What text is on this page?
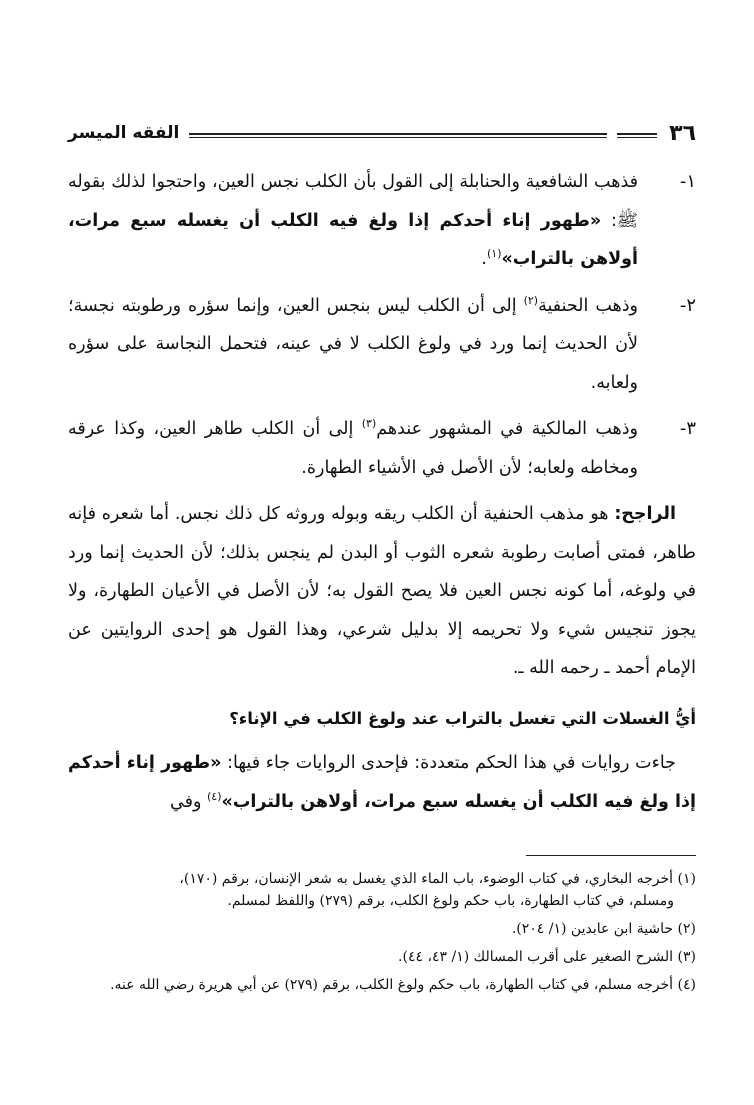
٣٦
الفقه الميسر
١-
فذهب الشافعية والحنابلة إلى القول بأن الكلب نجس العين، واحتجوا لذلك بقوله ﷺ: «طهور إناء أحدكم إذا ولغ فيه الكلب أن يغسله سبع مرات، أولاهن بالتراب»$^{(١)}$.
٢-
وذهب الحنفية$^{(٢)}$ إلى أن الكلب ليس بنجس العين، وإنما سؤره ورطوبته نجسة؛ لأن الحديث إنما ورد في ولوغ الكلب لا في عينه، فتحمل النجاسة على سؤره ولعابه.
٣-
وذهب المالكية في المشهور عندهم$^{(٣)}$ إلى أن الكلب طاهر العين، وكذا عرقه ومخاطه ولعابه؛ لأن الأصل في الأشياء الطهارة.
الراجح: هو مذهب الحنفية أن الكلب ريقه وبوله وروثه كل ذلك نجس. أما شعره فإنه طاهر، فمتى أصابت رطوبة شعره الثوب أو البدن لم ينجس بذلك؛ لأن الحديث إنما ورد في ولوغه، أما كونه نجس العين فلا يصح القول به؛ لأن الأصل في الأعيان الطهارة، ولا يجوز تنجيس شيء ولا تحريمه إلا بدليل شرعي، وهذا القول هو إحدى الروايتين عن الإمام أحمد ـ رحمه الله ـ.
أيُّ الغسلات التي تغسل بالتراب عند ولوغ الكلب في الإناء؟
جاءت روايات في هذا الحكم متعددة: فإحدى الروايات جاء فيها: «طهور إناء أحدكم إذا ولغ فيه الكلب أن يغسله سبع مرات، أولاهن بالتراب»$^{(٤)}$ وفي
(١) أخرجه البخاري، في كتاب الوضوء، باب الماء الذي يغسل به شعر الإنسان، برقم (١٧٠)،
ومسلم، في كتاب الطهارة، باب حكم ولوغ الكلب، برقم (٢٧٩) واللفظ لمسلم.
(٢) حاشية ابن عابدين (١/ ٢٠٤).
(٣) الشرح الصغير على أقرب المسالك (١/ ٤٣، ٤٤).
(٤) أخرجه مسلم، في كتاب الطهارة، باب حكم ولوغ الكلب، برقم (٢٧٩) عن أبي هريرة رضي الله عنه.
